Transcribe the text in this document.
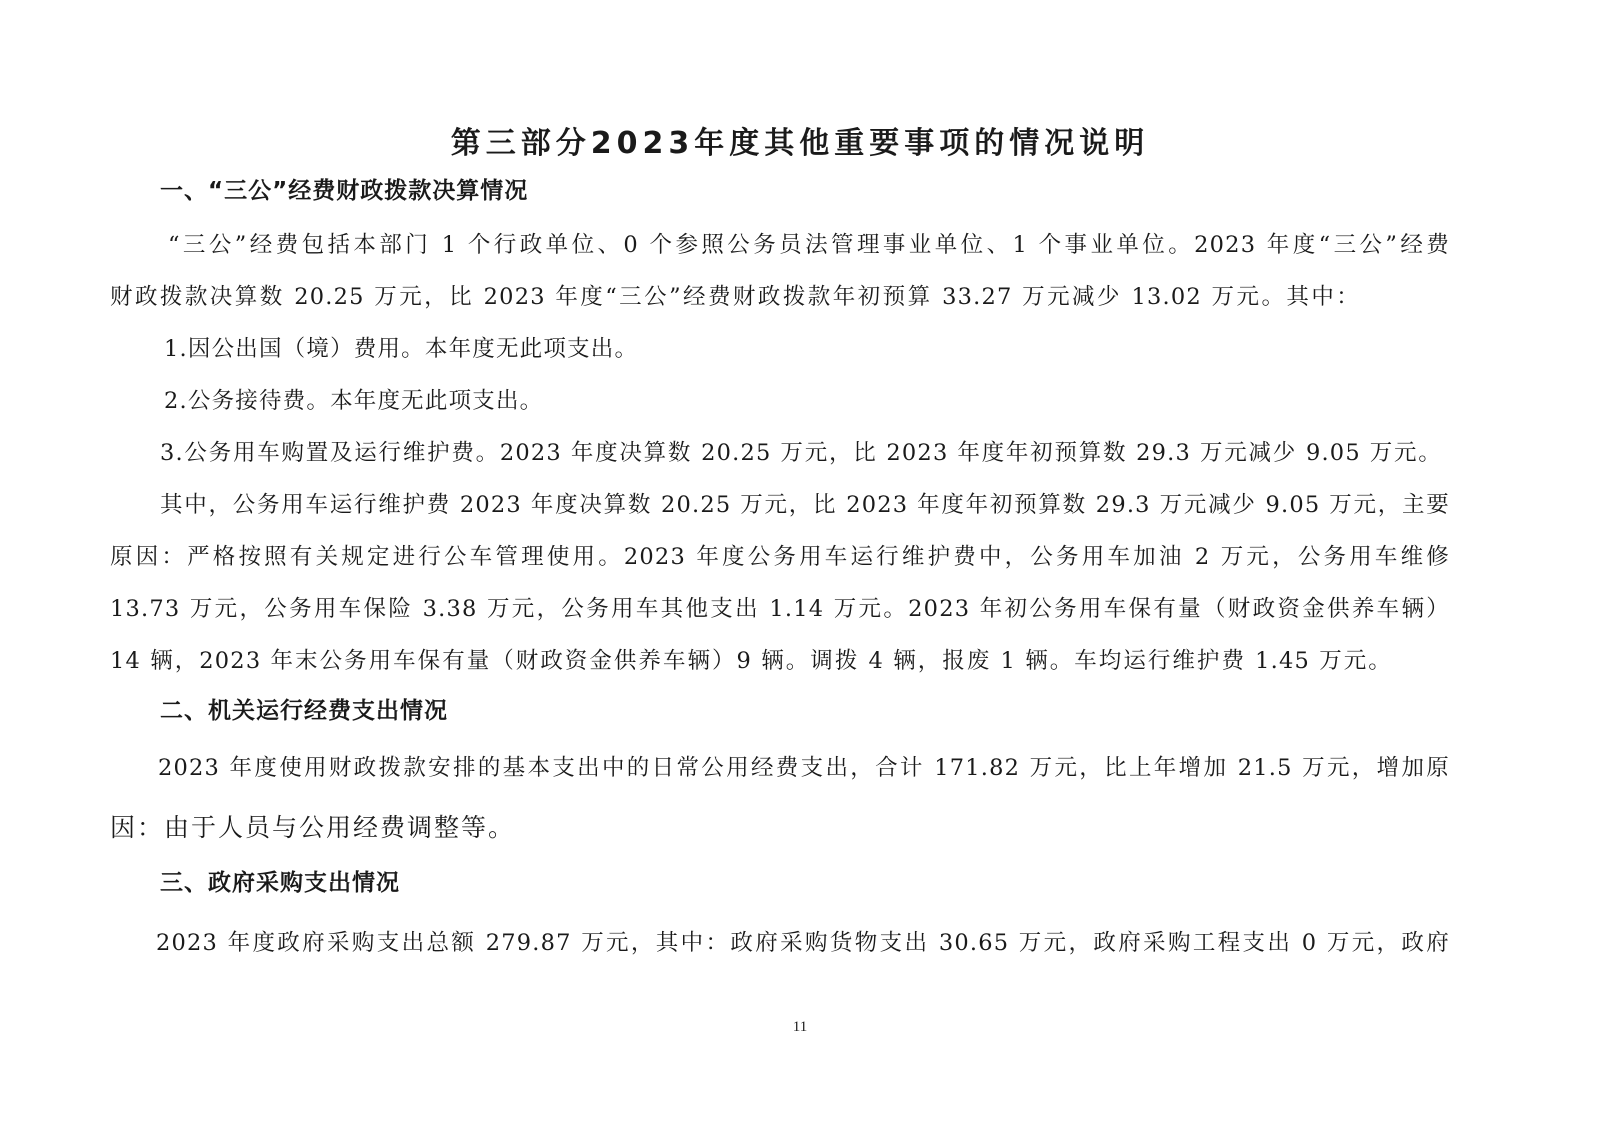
第三部分2023年度其他重要事项的情况说明
一、“三公”经费财政拨款决算情况
“三公”经费包括本部门 1 个行政单位、0 个参照公务员法管理事业单位、1 个事业单位。2023 年度“三公”经费
财政拨款决算数 20.25 万元，比 2023 年度“三公”经费财政拨款年初预算 33.27 万元减少 13.02 万元。其中：
1.因公出国（境）费用。本年度无此项支出。
2.公务接待费。本年度无此项支出。
3.公务用车购置及运行维护费。2023 年度决算数 20.25 万元，比 2023 年度年初预算数 29.3 万元减少 9.05 万元。
其中，公务用车运行维护费 2023 年度决算数 20.25 万元，比 2023 年度年初预算数 29.3 万元减少 9.05 万元，主要
原因：严格按照有关规定进行公车管理使用。2023 年度公务用车运行维护费中，公务用车加油 2 万元，公务用车维修
13.73 万元，公务用车保险 3.38 万元，公务用车其他支出 1.14 万元。2023 年初公务用车保有量（财政资金供养车辆）
14 辆，2023 年末公务用车保有量（财政资金供养车辆）9 辆。调拨 4 辆，报废 1 辆。车均运行维护费 1.45 万元。
二、机关运行经费支出情况
2023 年度使用财政拨款安排的基本支出中的日常公用经费支出，合计 171.82 万元，比上年增加 21.5 万元，增加原
因：由于人员与公用经费调整等。
三、政府采购支出情况
2023 年度政府采购支出总额 279.87 万元，其中：政府采购货物支出 30.65 万元，政府采购工程支出 0 万元，政府
11
